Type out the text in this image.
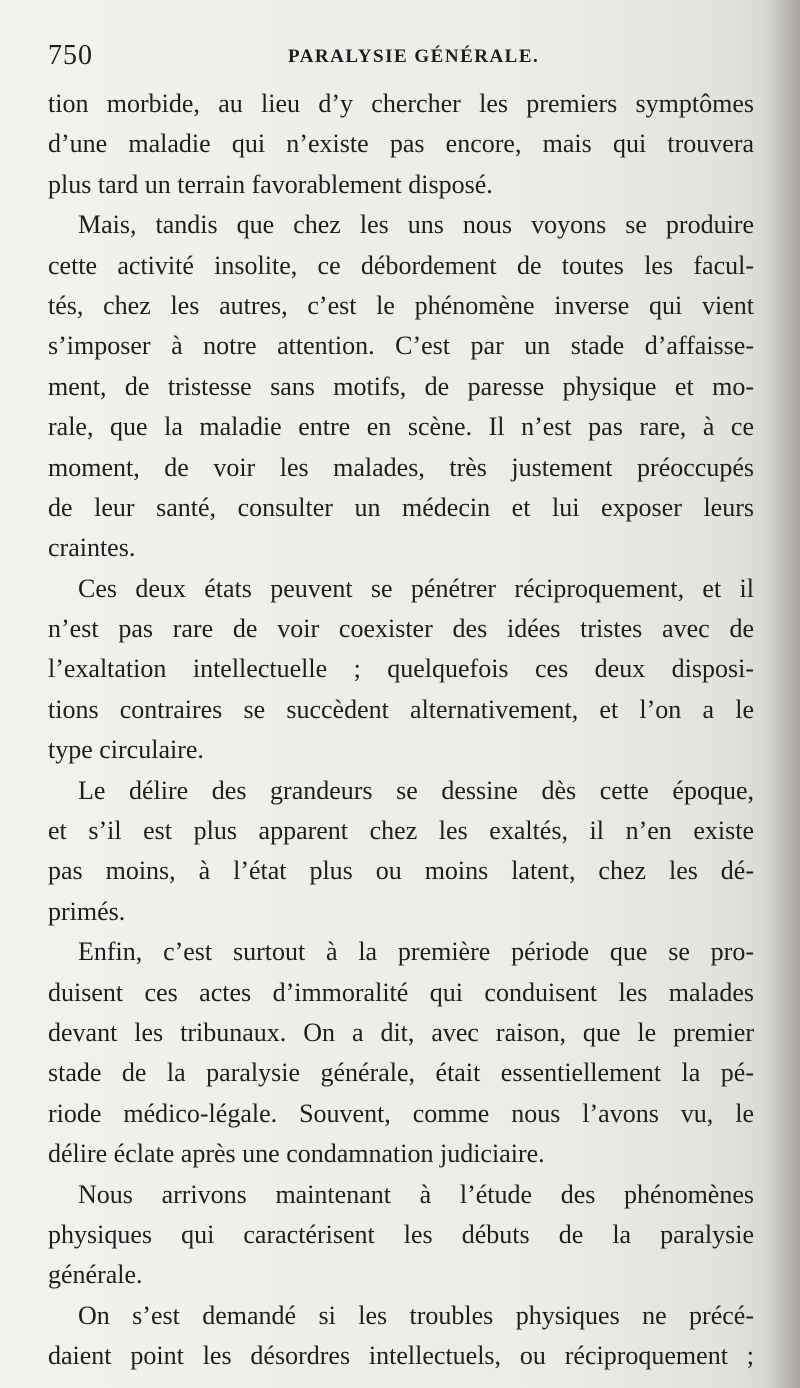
750	PARALYSIE GÉNÉRALE.
tion morbide, au lieu d’y chercher les premiers symptômes
d’une maladie qui n’existe pas encore, mais qui trouvera
plus tard un terrain favorablement disposé.
Mais, tandis que chez les uns nous voyons se produire
cette activité insolite, ce débordement de toutes les facul-
tés, chez les autres, c’est le phénomène inverse qui vient
s’imposer à notre attention. C’est par un stade d’affaisse-
ment, de tristesse sans motifs, de paresse physique et mo-
rale, que la maladie entre en scène. Il n’est pas rare, à ce
moment, de voir les malades, très justement préoccupés
de leur santé, consulter un médecin et lui exposer leurs
craintes.
Ces deux états peuvent se pénétrer réciproquement, et il
n’est pas rare de voir coexister des idées tristes avec de
l’exaltation intellectuelle ; quelquefois ces deux disposi-
tions contraires se succèdent alternativement, et l’on a le
type circulaire.
Le délire des grandeurs se dessine dès cette époque,
et s’il est plus apparent chez les exaltés, il n’en existe
pas moins, à l’état plus ou moins latent, chez les dé-
primés.
Enfin, c’est surtout à la première période que se pro-
duisent ces actes d’immoralité qui conduisent les malades
devant les tribunaux. On a dit, avec raison, que le premier
stade de la paralysie générale, était essentiellement la pé-
riode médico-légale. Souvent, comme nous l’avons vu, le
délire éclate après une condamnation judiciaire.
Nous arrivons maintenant à l’étude des phénomènes
physiques qui caractérisent les débuts de la paralysie
générale.
On s’est demandé si les troubles physiques ne précé-
daient point les désordres intellectuels, ou réciproquement ;
